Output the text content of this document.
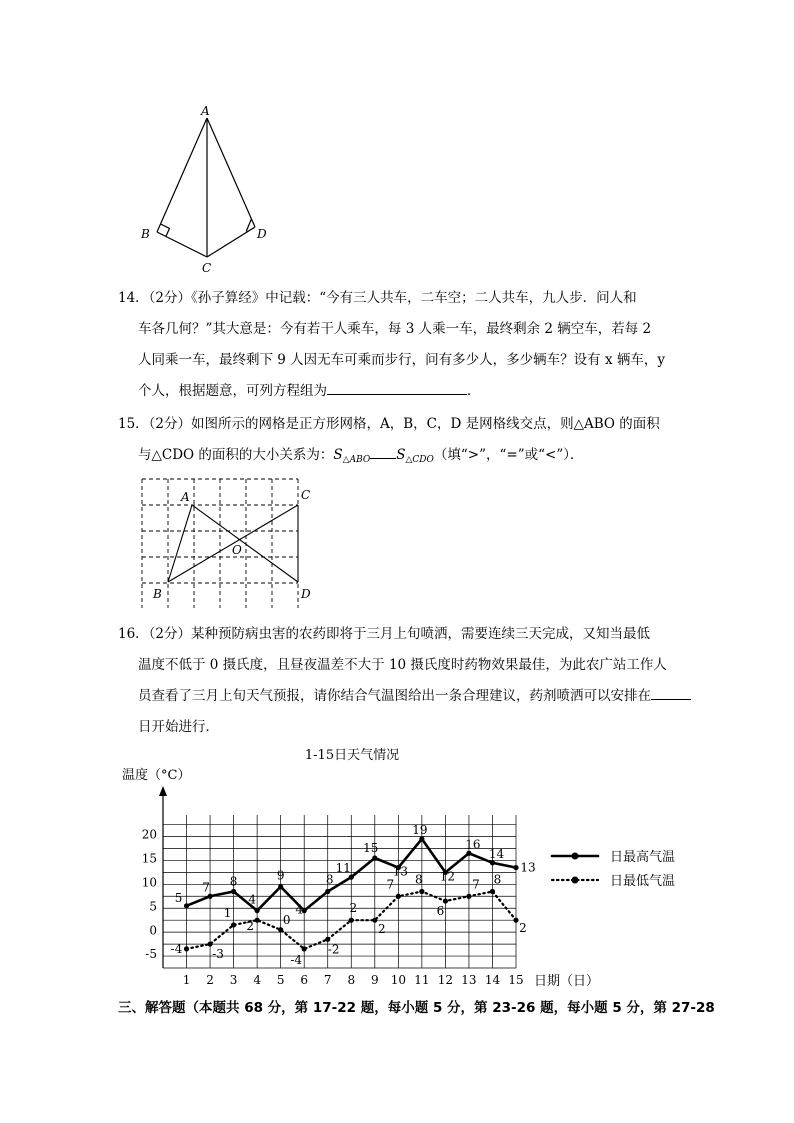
A
B
C
D
14．（2分）《孙子算经》中记载：“今有三人共车，二车空；二人共车，九人步．问人和
车各几何？”其大意是：今有若干人乘车，每 3 人乘一车，最终剩余 2 辆空车，若每 2
人同乘一车，最终剩下 9 人因无车可乘而步行，问有多少人，多少辆车？设有 x 辆车，y
个人，根据题意，可列方程组为	．
15．（2分）如图所示的网格是正方形网格，A，B，C，D 是网格线交点，则△ABO 的面积
与△CDO 的面积的大小关系为：$S_{\triangle ABO}$ $S_{\triangle CDO}$（填“>”，“=”或“<”）．
A	C
O
B	D
16．（2分）某种预防病虫害的农药即将于三月上旬喷洒，需要连续三天完成，又知当最低
温度不低于 0 摄氏度，且昼夜温差不大于 10 摄氏度时药物效果最佳，为此农广站工作人
员查看了三月上旬天气预报，请你结合气温图给出一条合理建议，药剂喷洒可以安排在
日开始进行．
-5
0
5
10
15
20
1 2 3 4 5 6 7 8 9 10 11 12 13 14 15
5
7 8
4
9
4
8
11
15
13
19
12
16
14
13
-4 -3
1
2 0
-4
-2
2
2
7 8
6
7 8
2
日最高气温
日最低气温
1-15日天气情况
温度（°C）
日期（日）
三、解答题（本题共 68 分，第 17-22 题，每小题 5 分，第 23-26 题，每小题 5 分，第 27-28
